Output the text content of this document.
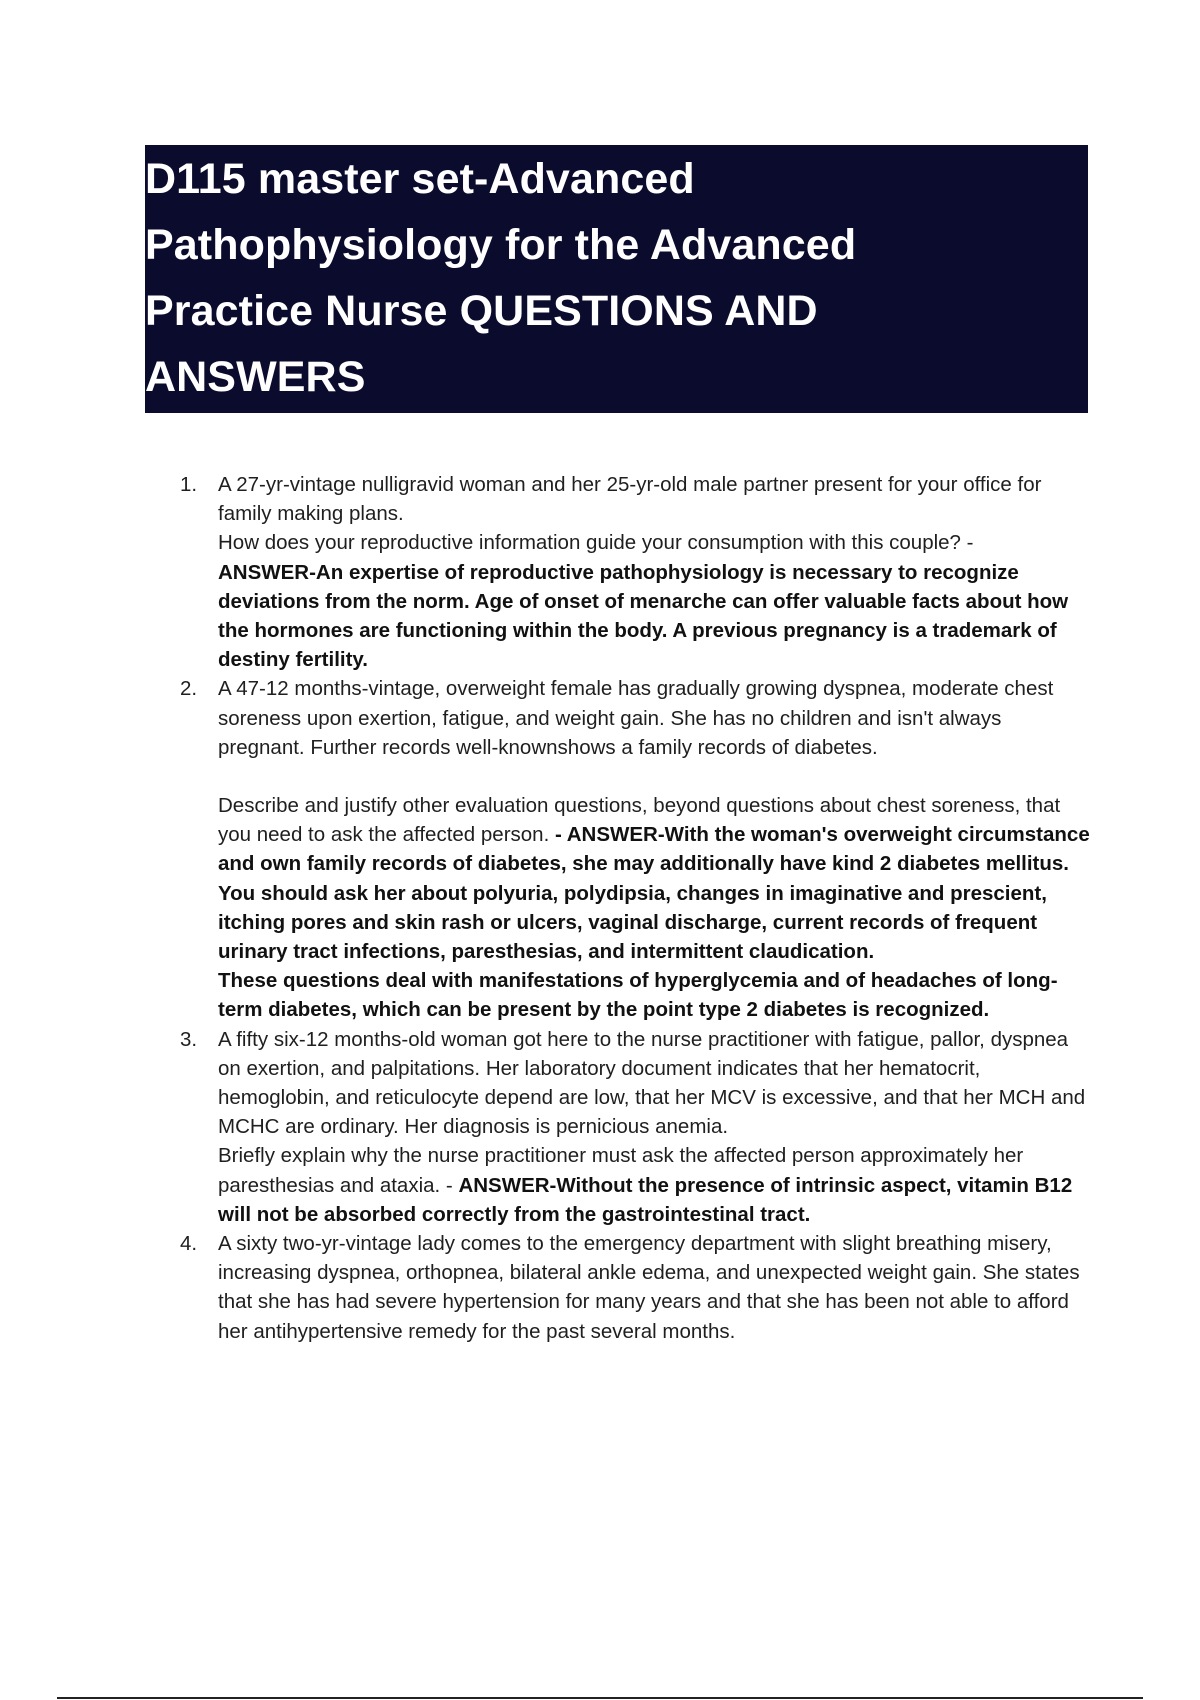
D115 master set-Advanced
Pathophysiology for the Advanced
Practice Nurse QUESTIONS AND
ANSWERS
1.	A 27-yr-vintage nulligravid woman and her 25-yr-old male partner present for your office for family making plans.

How does your reproductive information guide your consumption with this couple? -

ANSWER-An expertise of reproductive pathophysiology is necessary to recognize deviations from the norm. Age of onset of menarche can offer valuable facts about how the hormones are functioning within the body. A previous pregnancy is a trademark of destiny fertility.

2.	A 47-12 months-vintage, overweight female has gradually growing dyspnea, moderate chest soreness upon exertion, fatigue, and weight gain. She has no children and isn't always pregnant. Further records well-knownshows a family records of diabetes.

Describe and justify other evaluation questions, beyond questions about chest soreness, that you need to ask the affected person. - ANSWER-With the woman's overweight circumstance and own family records of diabetes, she may additionally have kind 2 diabetes mellitus.

You should ask her about polyuria, polydipsia, changes in imaginative and prescient, itching pores and skin rash or ulcers, vaginal discharge, current records of frequent urinary tract infections, paresthesias, and intermittent claudication.

These questions deal with manifestations of hyperglycemia and of headaches of long-term diabetes, which can be present by the point type 2 diabetes is recognized.

3.	A fifty six-12 months-old woman got here to the nurse practitioner with fatigue, pallor, dyspnea on exertion, and palpitations. Her laboratory document indicates that her hematocrit, hemoglobin, and reticulocyte depend are low, that her MCV is excessive, and that her MCH and MCHC are ordinary. Her diagnosis is pernicious anemia.

Briefly explain why the nurse practitioner must ask the affected person approximately her paresthesias and ataxia. - ANSWER-Without the presence of intrinsic aspect, vitamin B12 will not be absorbed correctly from the gastrointestinal tract.

4.	A sixty two-yr-vintage lady comes to the emergency department with slight breathing misery, increasing dyspnea, orthopnea, bilateral ankle edema, and unexpected weight gain. She states that she has had severe hypertension for many years and that she has been not able to afford her antihypertensive remedy for the past several months.
